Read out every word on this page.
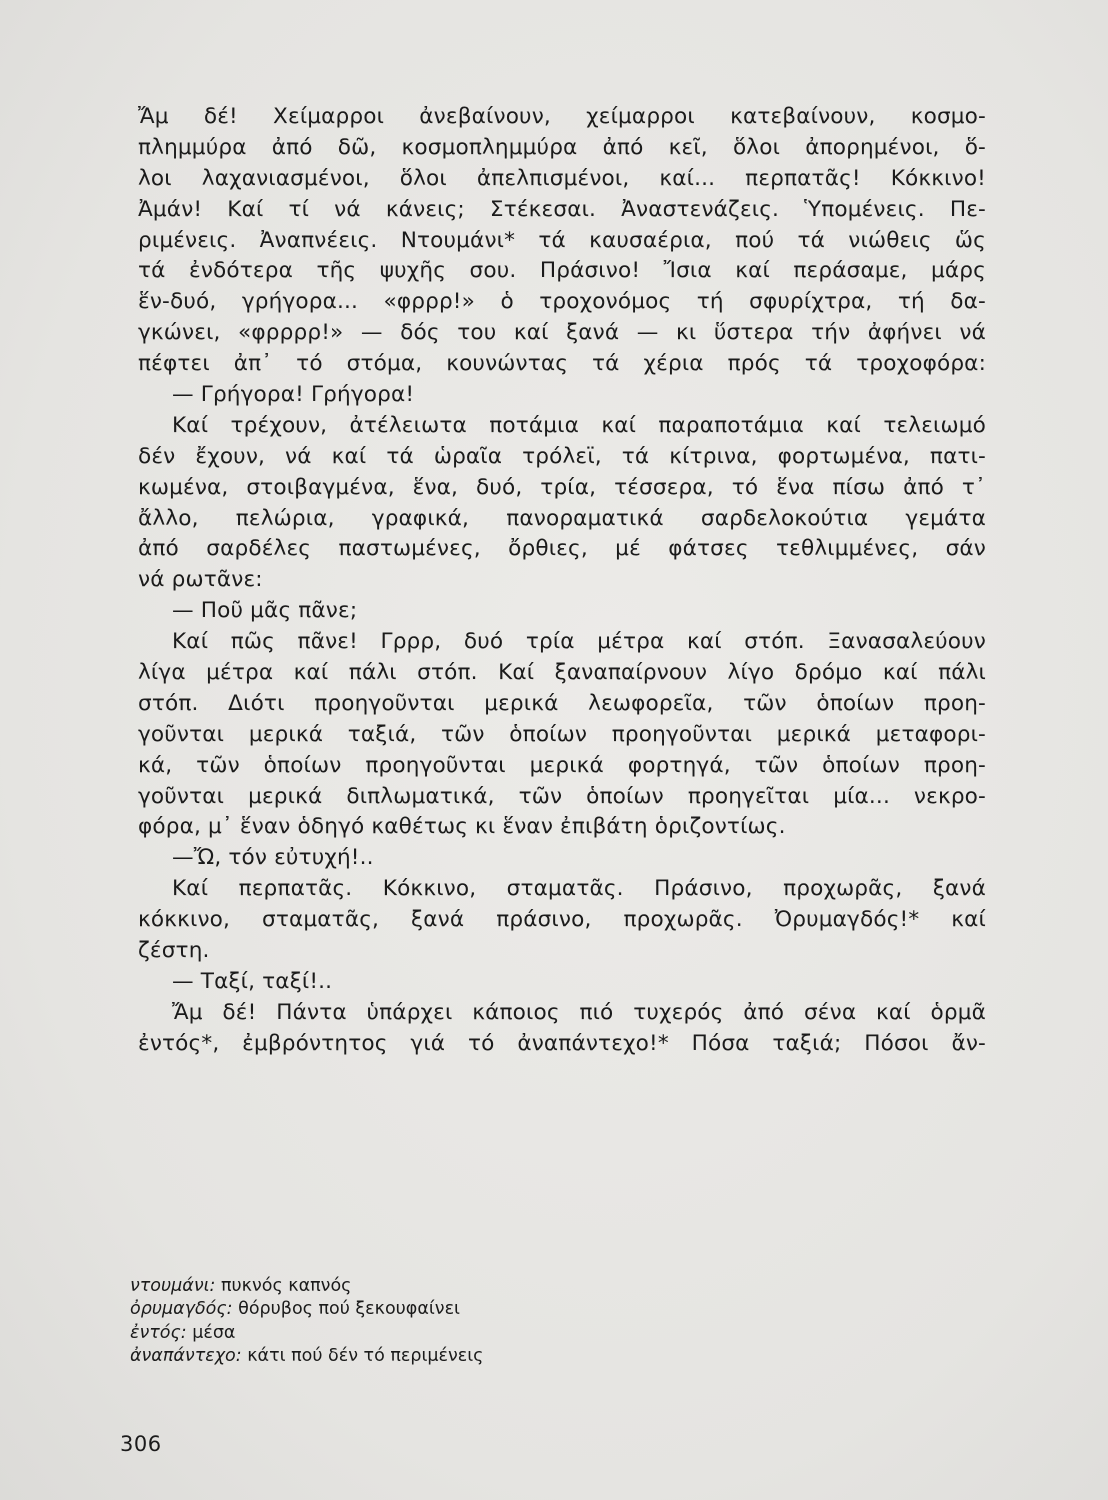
Ἄμ δέ! Χείμαρροι ἀνεβαίνουν, χείμαρροι κατεβαίνουν, κοσμο-
πλημμύρα ἀπό δῶ, κοσμοπλημμύρα ἀπό κεῖ, ὅλοι ἀπορημένοι, ὅ-
λοι λαχανιασμένοι, ὅλοι ἀπελπισμένοι, καί... περπατᾶς! Κόκκινο!
Ἀμάν! Καί τί νά κάνεις; Στέκεσαι. Ἀναστενάζεις. Ὑπομένεις. Πε-
ριμένεις. Ἀναπνέεις. Ντουμάνι* τά καυσαέρια, πού τά νιώθεις ὥς
τά ἐνδότερα τῆς ψυχῆς σου. Πράσινο! Ἴσια καί περάσαμε, μάρς
ἕν-δυό, γρήγορα... «φρρρ!» ὁ τροχονόμος τή σφυρίχτρα, τή δα-
γκώνει, «φρρρρ!» — δός του καί ξανά — κι ὕστερα τήν ἀφήνει νά
πέφτει ἀπ᾿ τό στόμα, κουνώντας τά χέρια πρός τά τροχοφόρα:
— Γρήγορα! Γρήγορα!
Καί τρέχουν, ἀτέλειωτα ποτάμια καί παραποτάμια καί τελειωμό
δέν ἔχουν, νά καί τά ὡραῖα τρόλεϊ, τά κίτρινα, φορτωμένα, πατι-
κωμένα, στοιβαγμένα, ἕνα, δυό, τρία, τέσσερα, τό ἕνα πίσω ἀπό τ᾿
ἄλλο, πελώρια, γραφικά, πανοραματικά σαρδελοκούτια γεμάτα
ἀπό σαρδέλες παστωμένες, ὄρθιες, μέ φάτσες τεθλιμμένες, σάν
νά ρωτᾶνε:
— Ποῦ μᾶς πᾶνε;
Καί πῶς πᾶνε! Γρρρ, δυό τρία μέτρα καί στόπ. Ξανασαλεύουν
λίγα μέτρα καί πάλι στόπ. Καί ξαναπαίρνουν λίγο δρόμο καί πάλι
στόπ. Διότι προηγοῦνται μερικά λεωφορεῖα, τῶν ὁποίων προη-
γοῦνται μερικά ταξιά, τῶν ὁποίων προηγοῦνται μερικά μεταφορι-
κά, τῶν ὁποίων προηγοῦνται μερικά φορτηγά, τῶν ὁποίων προη-
γοῦνται μερικά διπλωματικά, τῶν ὁποίων προηγεῖται μία... νεκρο-
φόρα, μ᾿ ἕναν ὁδηγό καθέτως κι ἕναν ἐπιβάτη ὁριζοντίως.
—Ὤ, τόν εὐτυχή!..
Καί περπατᾶς. Κόκκινο, σταματᾶς. Πράσινο, προχωρᾶς, ξανά
κόκκινο, σταματᾶς, ξανά πράσινο, προχωρᾶς. Ὀρυμαγδός!* καί
ζέστη.
— Ταξί, ταξί!..
Ἄμ δέ! Πάντα ὑπάρχει κάποιος πιό τυχερός ἀπό σένα καί ὁρμᾶ
ἐντός*, ἐμβρόντητος γιά τό ἀναπάντεχο!* Πόσα ταξιά; Πόσοι ἄν-
ντουμάνι: πυκνός καπνός
ὀρυμαγδός: θόρυβος πού ξεκουφαίνει
ἐντός: μέσα
ἀναπάντεχο: κάτι πού δέν τό περιμένεις
306
